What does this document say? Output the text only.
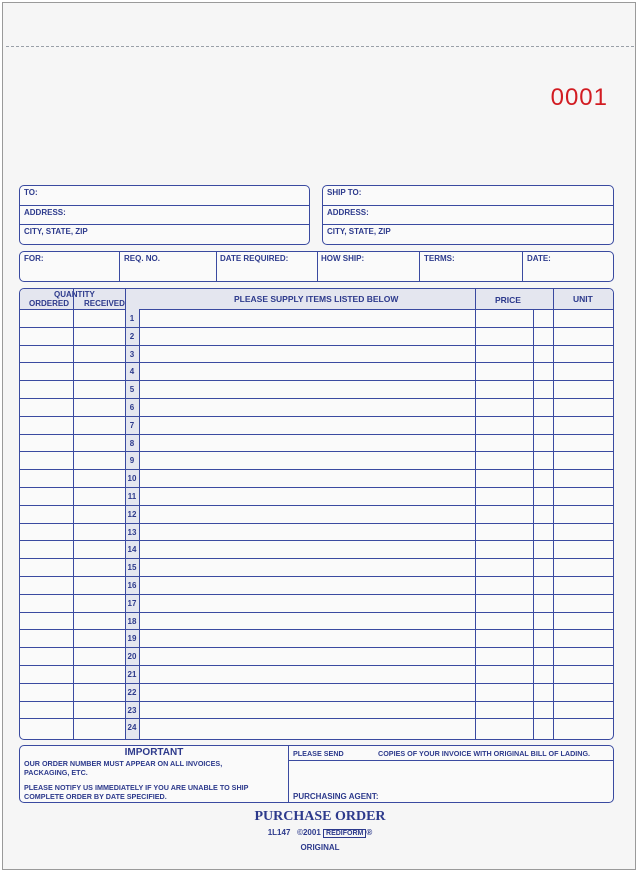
0001
TO:
ADDRESS:
CITY, STATE, ZIP
SHIP TO:
ADDRESS:
CITY, STATE, ZIP
FOR:	REQ. NO.	DATE REQUIRED:	HOW SHIP:	TERMS:	DATE:
QUANTITY
ORDERED RECEIVED	PLEASE SUPPLY ITEMS LISTED BELOW	PRICE	UNIT
1
2
3
4
5
6
7
8
9
10
11
12
13
14
15
16
17
18
19
20
21
22
23
24
IMPORTANT
OUR ORDER NUMBER MUST APPEAR ON ALL INVOICES,
PACKAGING, ETC.
PLEASE NOTIFY US IMMEDIATELY IF YOU ARE UNABLE TO SHIP
COMPLETE ORDER BY DATE SPECIFIED.
PLEASE SEND	COPIES OF YOUR INVOICE WITH ORIGINAL BILL OF LADING.
PURCHASING AGENT:
PURCHASE ORDER
1L147 ©2001 REDIFORM ®
ORIGINAL
